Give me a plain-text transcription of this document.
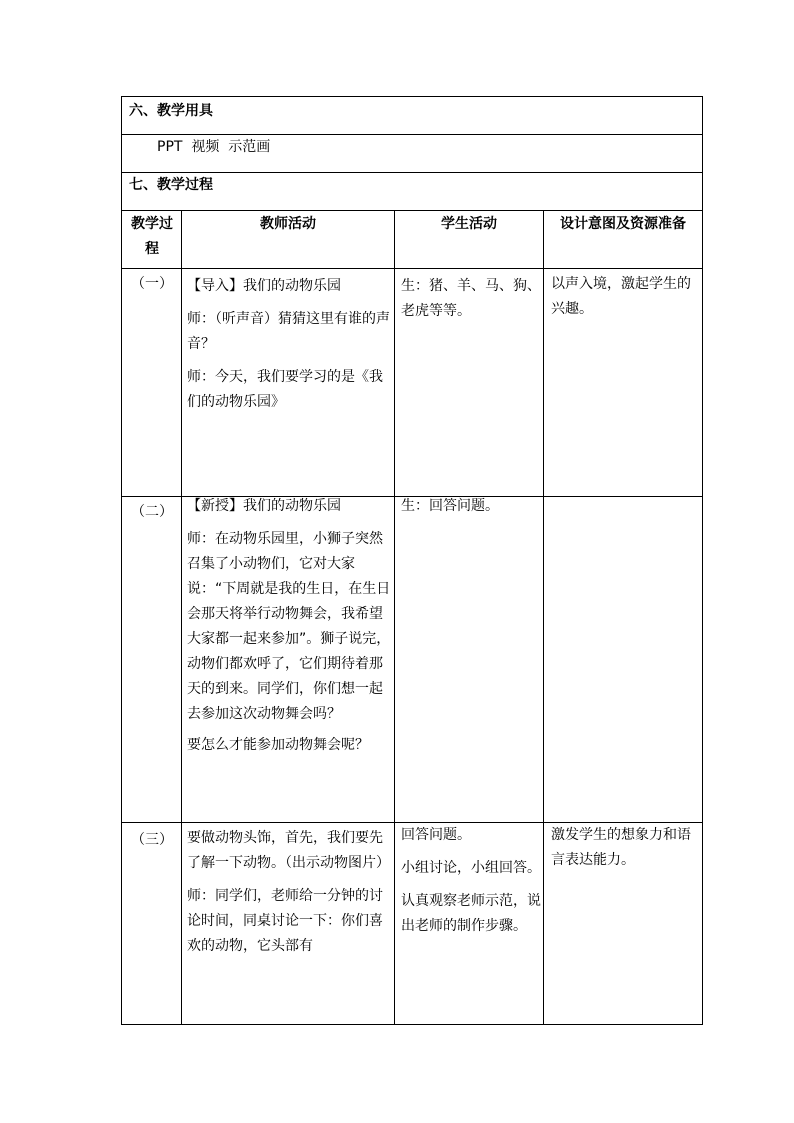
六、教学用具
PPT  视频  示范画
七、教学过程
教学过程
教师活动	学生活动	设计意图及资源准备
（一） 【导入】我们的动物乐园

师：（听声音）猜猜这里有谁的声音？

师：今天，我们要学习的是《我们的动物乐园》

生：猪、羊、马、狗、老虎等等。

以声入境，激起学生的兴趣。

（二） 【新授】我们的动物乐园

师：在动物乐园里，小狮子突然召集了小动物们，它对大家说：“下周就是我的生日，在生日会那天将举行动物舞会，我希望大家都一起来参加”。狮子说完，动物们都欢呼了，它们期待着那天的到来。同学们，你们想一起去参加这次动物舞会吗？

要怎么才能参加动物舞会呢？

生：回答问题。

（三） 要做动物头饰，首先，我们要先了解一下动物。（出示动物图片）

师：同学们，老师给一分钟的讨论时间，同桌讨论一下：你们喜欢的动物，它头部有

回答问题。

小组讨论，小组回答。

认真观察老师示范，说出老师的制作步骤。

激发学生的想象力和语言表达能力。
